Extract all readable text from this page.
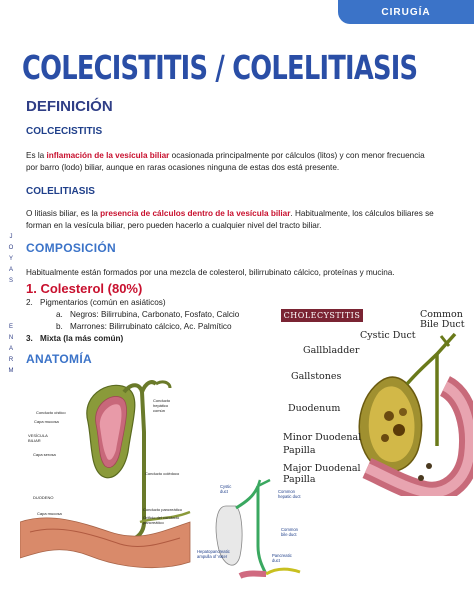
CIRUGÍA
COLECISTITIS / COLELITIASIS
DEFINICIÓN
COLCECISTITIS
Es la inflamación de la vesícula biliar ocasionada principalmente por cálculos (litos) y con menor frecuencia
por barro (lodo) biliar, aunque en raras ocasiones ninguna de estas dos está presente.
COLELITIASIS
O litiasis biliar, es la presencia de cálculos dentro de la vesícula biliar. Habitualmente, los cálculos biliares se
forman en la vesícula biliar, pero pueden hacerlo a cualquier nivel del tracto biliar.
COMPOSICIÓN
Habitualmente están formados por una mezcla de colesterol, bilirrubinato cálcico, proteínas y mucina.
1. Colesterol (80%)
2. Pigmentarios (común en asiáticos)
a. Negros: Bilirrubina, Carbonato, Fosfato, Calcio
b. Marrones: Bilirrubinato cálcico, Ac. Palmítico
3. Mixta (la más común)
ANATOMÍA
J
O
Y
A
S
E
N
A
R
M
Conducto
hepático
común
Conducto cístico
Capa mucosa
VESÍCULA
BILIAR
Capa serosa
Conducto colédoco
DUODENO
Capa mucosa
Conducto pancreático
Orificio del conducto
pancreático
Cystic
duct	Common
hepatic duct
Common
bile duct
Hepatopancreatic
ampulla of Vater	Pancreatic
duct
CHOLECYSTITIS	Common
Bile Duct
Cystic Duct
Gallbladder
Gallstones
Duodenum
Minor Duodenal
Papilla
Major Duodenal
Papilla
